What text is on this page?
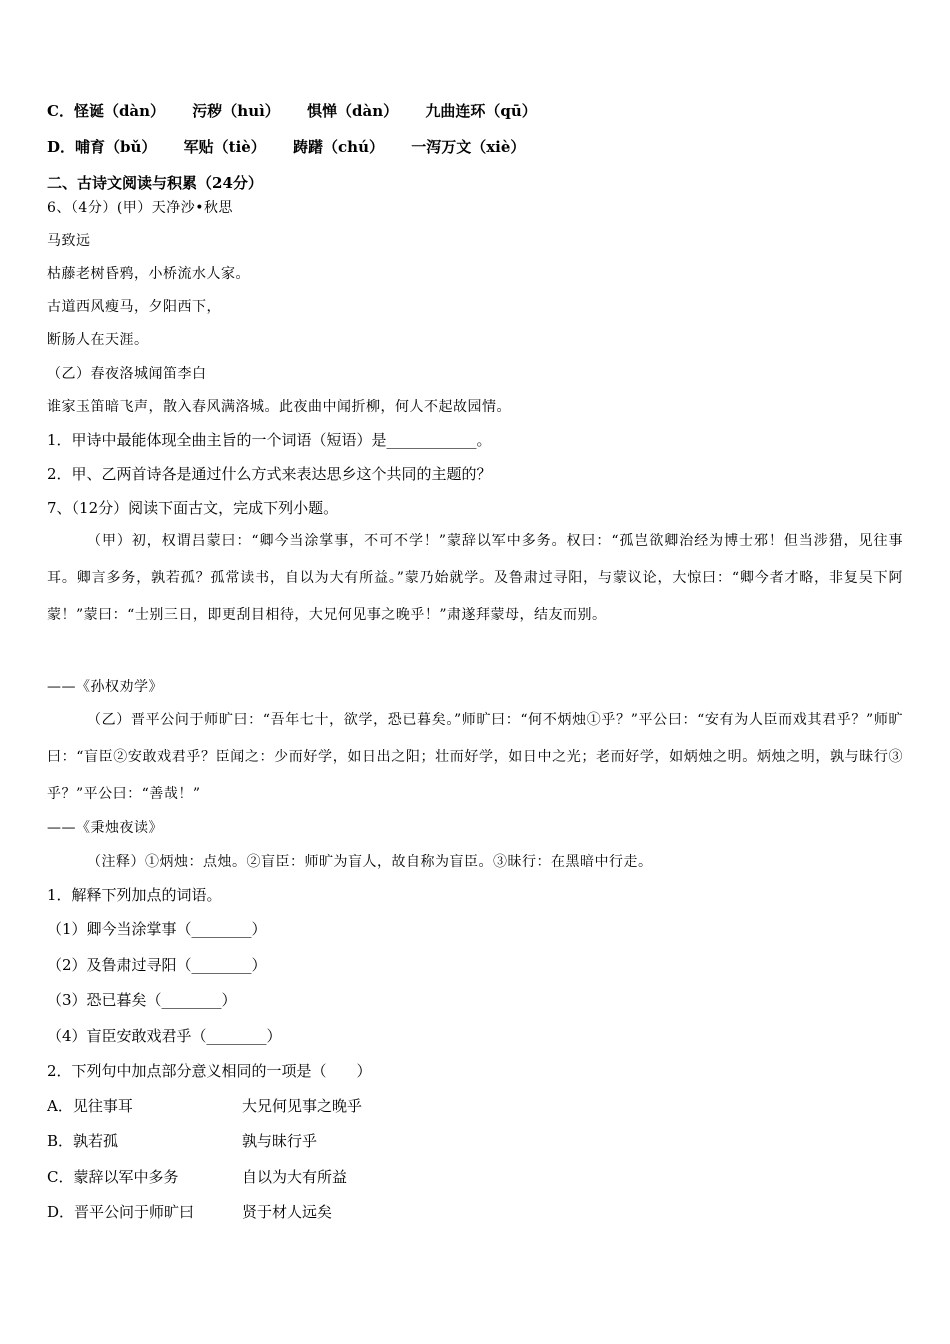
C．怪诞（dàn） 污秽（huì） 惧惮（dàn） 九曲连环（qū）
D．哺育（bǔ） 军贴（tiè） 踌躇（chú） 一泻万文（xiè）
二、古诗文阅读与积累（24分）
6、（4分）(甲）天净沙•秋思
马致远
枯藤老树昏鸦，小桥流水人家。
古道西风瘦马，夕阳西下，
断肠人在天涯。
（乙）春夜洛城闻笛李白
谁家玉笛暗飞声，散入春风满洛城。此夜曲中闻折柳，何人不起故园情。
1．甲诗中最能体现全曲主旨的一个词语（短语）是____________。
2．甲、乙两首诗各是通过什么方式来表达思乡这个共同的主题的？
7、（12分）阅读下面古文，完成下列小题。
（甲）初，权谓吕蒙曰：“卿今当涂掌事，不可不学！”蒙辞以军中多务。权曰：“孤岂欲卿治经为博士邪！但当涉猎，见往事耳。卿言多务，孰若孤？孤常读书，自以为大有所益。”蒙乃始就学。及鲁肃过寻阳，与蒙议论，大惊曰：“卿今者才略，非复吴下阿蒙！”蒙曰：“士别三日，即更刮目相待，大兄何见事之晚乎！”肃遂拜蒙母，结友而别。
——《孙权劝学》
（乙）晋平公问于师旷曰：“吾年七十，欲学，恐已暮矣。”师旷曰：“何不炳烛①乎？”平公曰：“安有为人臣而戏其君乎？”师旷曰：“盲臣②安敢戏君乎？臣闻之：少而好学，如日出之阳；壮而好学，如日中之光；老而好学，如炳烛之明。炳烛之明，孰与昧行③乎？”平公曰：“善哉！”
——《秉烛夜读》
（注释）①炳烛：点烛。②盲臣：师旷为盲人，故自称为盲臣。③昧行：在黑暗中行走。
1．解释下列加点的词语。
（1）卿今当涂掌事（________）
（2）及鲁肃过寻阳（________）
（3）恐已暮矣（________）
（4）盲臣安敢戏君乎（________）
2．下列句中加点部分意义相同的一项是（　　）
A．见往事耳	大兄何见事之晚乎
B．孰若孤	孰与昧行乎
C．蒙辞以军中多务	自以为大有所益
D．晋平公问于师旷曰	贤于材人远矣
